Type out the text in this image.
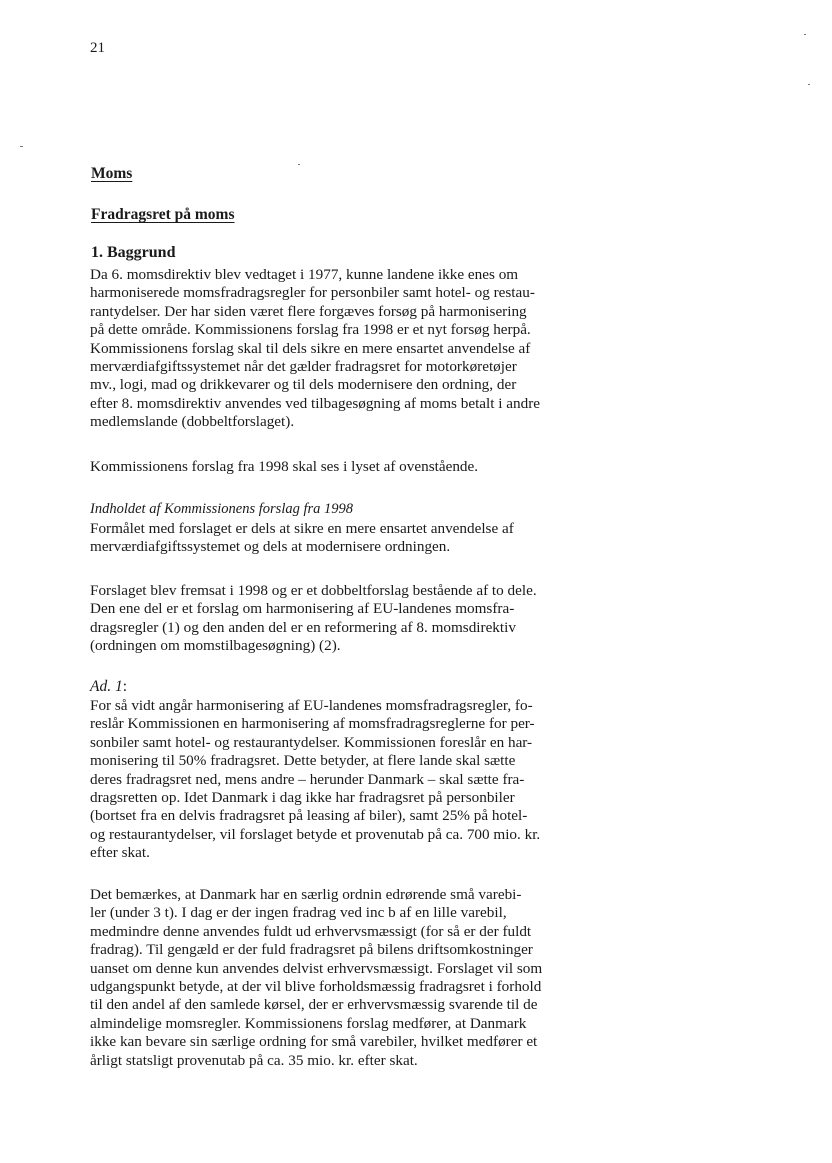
21
Moms
Fradragsret på moms
1. Baggrund
Da 6. momsdirektiv blev vedtaget i 1977, kunne landene ikke enes om
harmoniserede momsfradragsregler for personbiler samt hotel- og restau-
rantydelser. Der har siden været flere forgæves forsøg på harmonisering
på dette område. Kommissionens forslag fra 1998 er et nyt forsøg herpå.
Kommissionens forslag skal til dels sikre en mere ensartet anvendelse af
merværdiafgiftssystemet når det gælder fradragsret for motorkøretøjer
mv., logi, mad og drikkevarer og til dels modernisere den ordning, der
efter 8. momsdirektiv anvendes ved tilbagesøgning af moms betalt i andre
medlemslande (dobbeltforslaget).
Kommissionens forslag fra 1998 skal ses i lyset af ovenstående.
Indholdet af Kommissionens forslag fra 1998
Formålet med forslaget er dels at sikre en mere ensartet anvendelse af
merværdiafgiftssystemet og dels at modernisere ordningen.
Forslaget blev fremsat i 1998 og er et dobbeltforslag bestående af to dele.
Den ene del er et forslag om harmonisering af EU-landenes momsfra-
dragsregler (1) og den anden del er en reformering af 8. momsdirektiv
(ordningen om momstilbagesøgning) (2).
Ad. 1:
For så vidt angår harmonisering af EU-landenes momsfradragsregler, fo-
reslår Kommissionen en harmonisering af momsfradragsreglerne for per-
sonbiler samt hotel- og restaurantydelser. Kommissionen foreslår en har-
monisering til 50% fradragsret. Dette betyder, at flere lande skal sætte
deres fradragsret ned, mens andre – herunder Danmark – skal sætte fra-
dragsretten op. Idet Danmark i dag ikke har fradragsret på personbiler
(bortset fra en delvis fradragsret på leasing af biler), samt 25% på hotel-
og restaurantydelser, vil forslaget betyde et provenutab på ca. 700 mio. kr.
efter skat.
Det bemærkes, at Danmark har en særlig ordnin edrørende små varebi-
ler (under 3 t). I dag er der ingen fradrag ved inc b af en lille varebil,
medmindre denne anvendes fuldt ud erhvervsmæssigt (for så er der fuldt
fradrag). Til gengæld er der fuld fradragsret på bilens driftsomkostninger
uanset om denne kun anvendes delvist erhvervsmæssigt. Forslaget vil som
udgangspunkt betyde, at der vil blive forholdsmæssig fradragsret i forhold
til den andel af den samlede kørsel, der er erhvervsmæssig svarende til de
almindelige momsregler. Kommissionens forslag medfører, at Danmark
ikke kan bevare sin særlige ordning for små varebiler, hvilket medfører et
årligt statsligt provenutab på ca. 35 mio. kr. efter skat.
